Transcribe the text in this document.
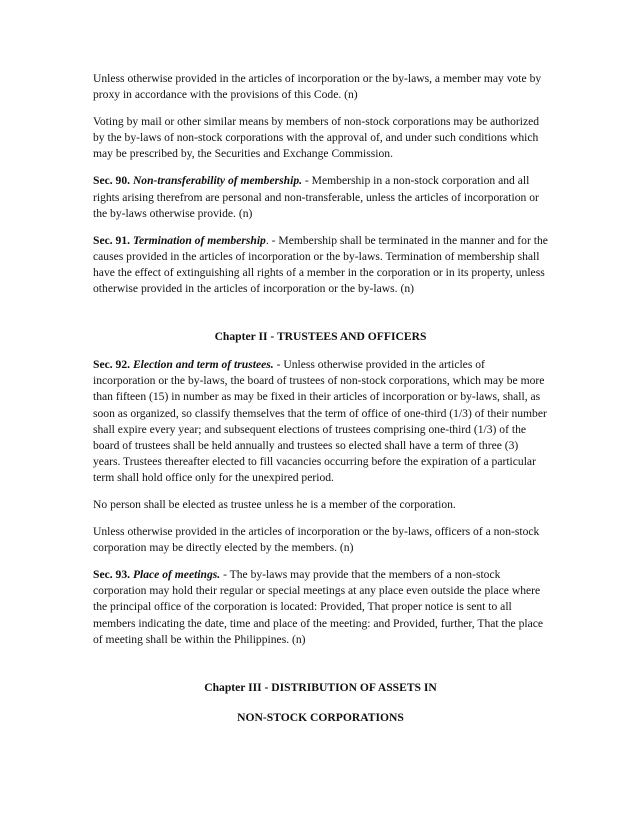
Unless otherwise provided in the articles of incorporation or the by-laws, a member may vote by proxy in accordance with the provisions of this Code. (n)

Voting by mail or other similar means by members of non-stock corporations may be authorized by the by-laws of non-stock corporations with the approval of, and under such conditions which may be prescribed by, the Securities and Exchange Commission.

Sec. 90. Non-transferability of membership. - Membership in a non-stock corporation and all rights arising therefrom are personal and non-transferable, unless the articles of incorporation or the by-laws otherwise provide. (n)

Sec. 91. Termination of membership. - Membership shall be terminated in the manner and for the causes provided in the articles of incorporation or the by-laws. Termination of membership shall have the effect of extinguishing all rights of a member in the corporation or in its property, unless otherwise provided in the articles of incorporation or the by-laws. (n)

Chapter II - TRUSTEES AND OFFICERS

Sec. 92. Election and term of trustees. - Unless otherwise provided in the articles of incorporation or the by-laws, the board of trustees of non-stock corporations, which may be more than fifteen (15) in number as may be fixed in their articles of incorporation or by-laws, shall, as soon as organized, so classify themselves that the term of office of one-third (1/3) of their number shall expire every year; and subsequent elections of trustees comprising one-third (1/3) of the board of trustees shall be held annually and trustees so elected shall have a term of three (3) years. Trustees thereafter elected to fill vacancies occurring before the expiration of a particular term shall hold office only for the unexpired period.

No person shall be elected as trustee unless he is a member of the corporation.

Unless otherwise provided in the articles of incorporation or the by-laws, officers of a non-stock corporation may be directly elected by the members. (n)

Sec. 93. Place of meetings. - The by-laws may provide that the members of a non-stock corporation may hold their regular or special meetings at any place even outside the place where the principal office of the corporation is located: Provided, That proper notice is sent to all members indicating the date, time and place of the meeting: and Provided, further, That the place of meeting shall be within the Philippines. (n)

Chapter III - DISTRIBUTION OF ASSETS IN

NON-STOCK CORPORATIONS
